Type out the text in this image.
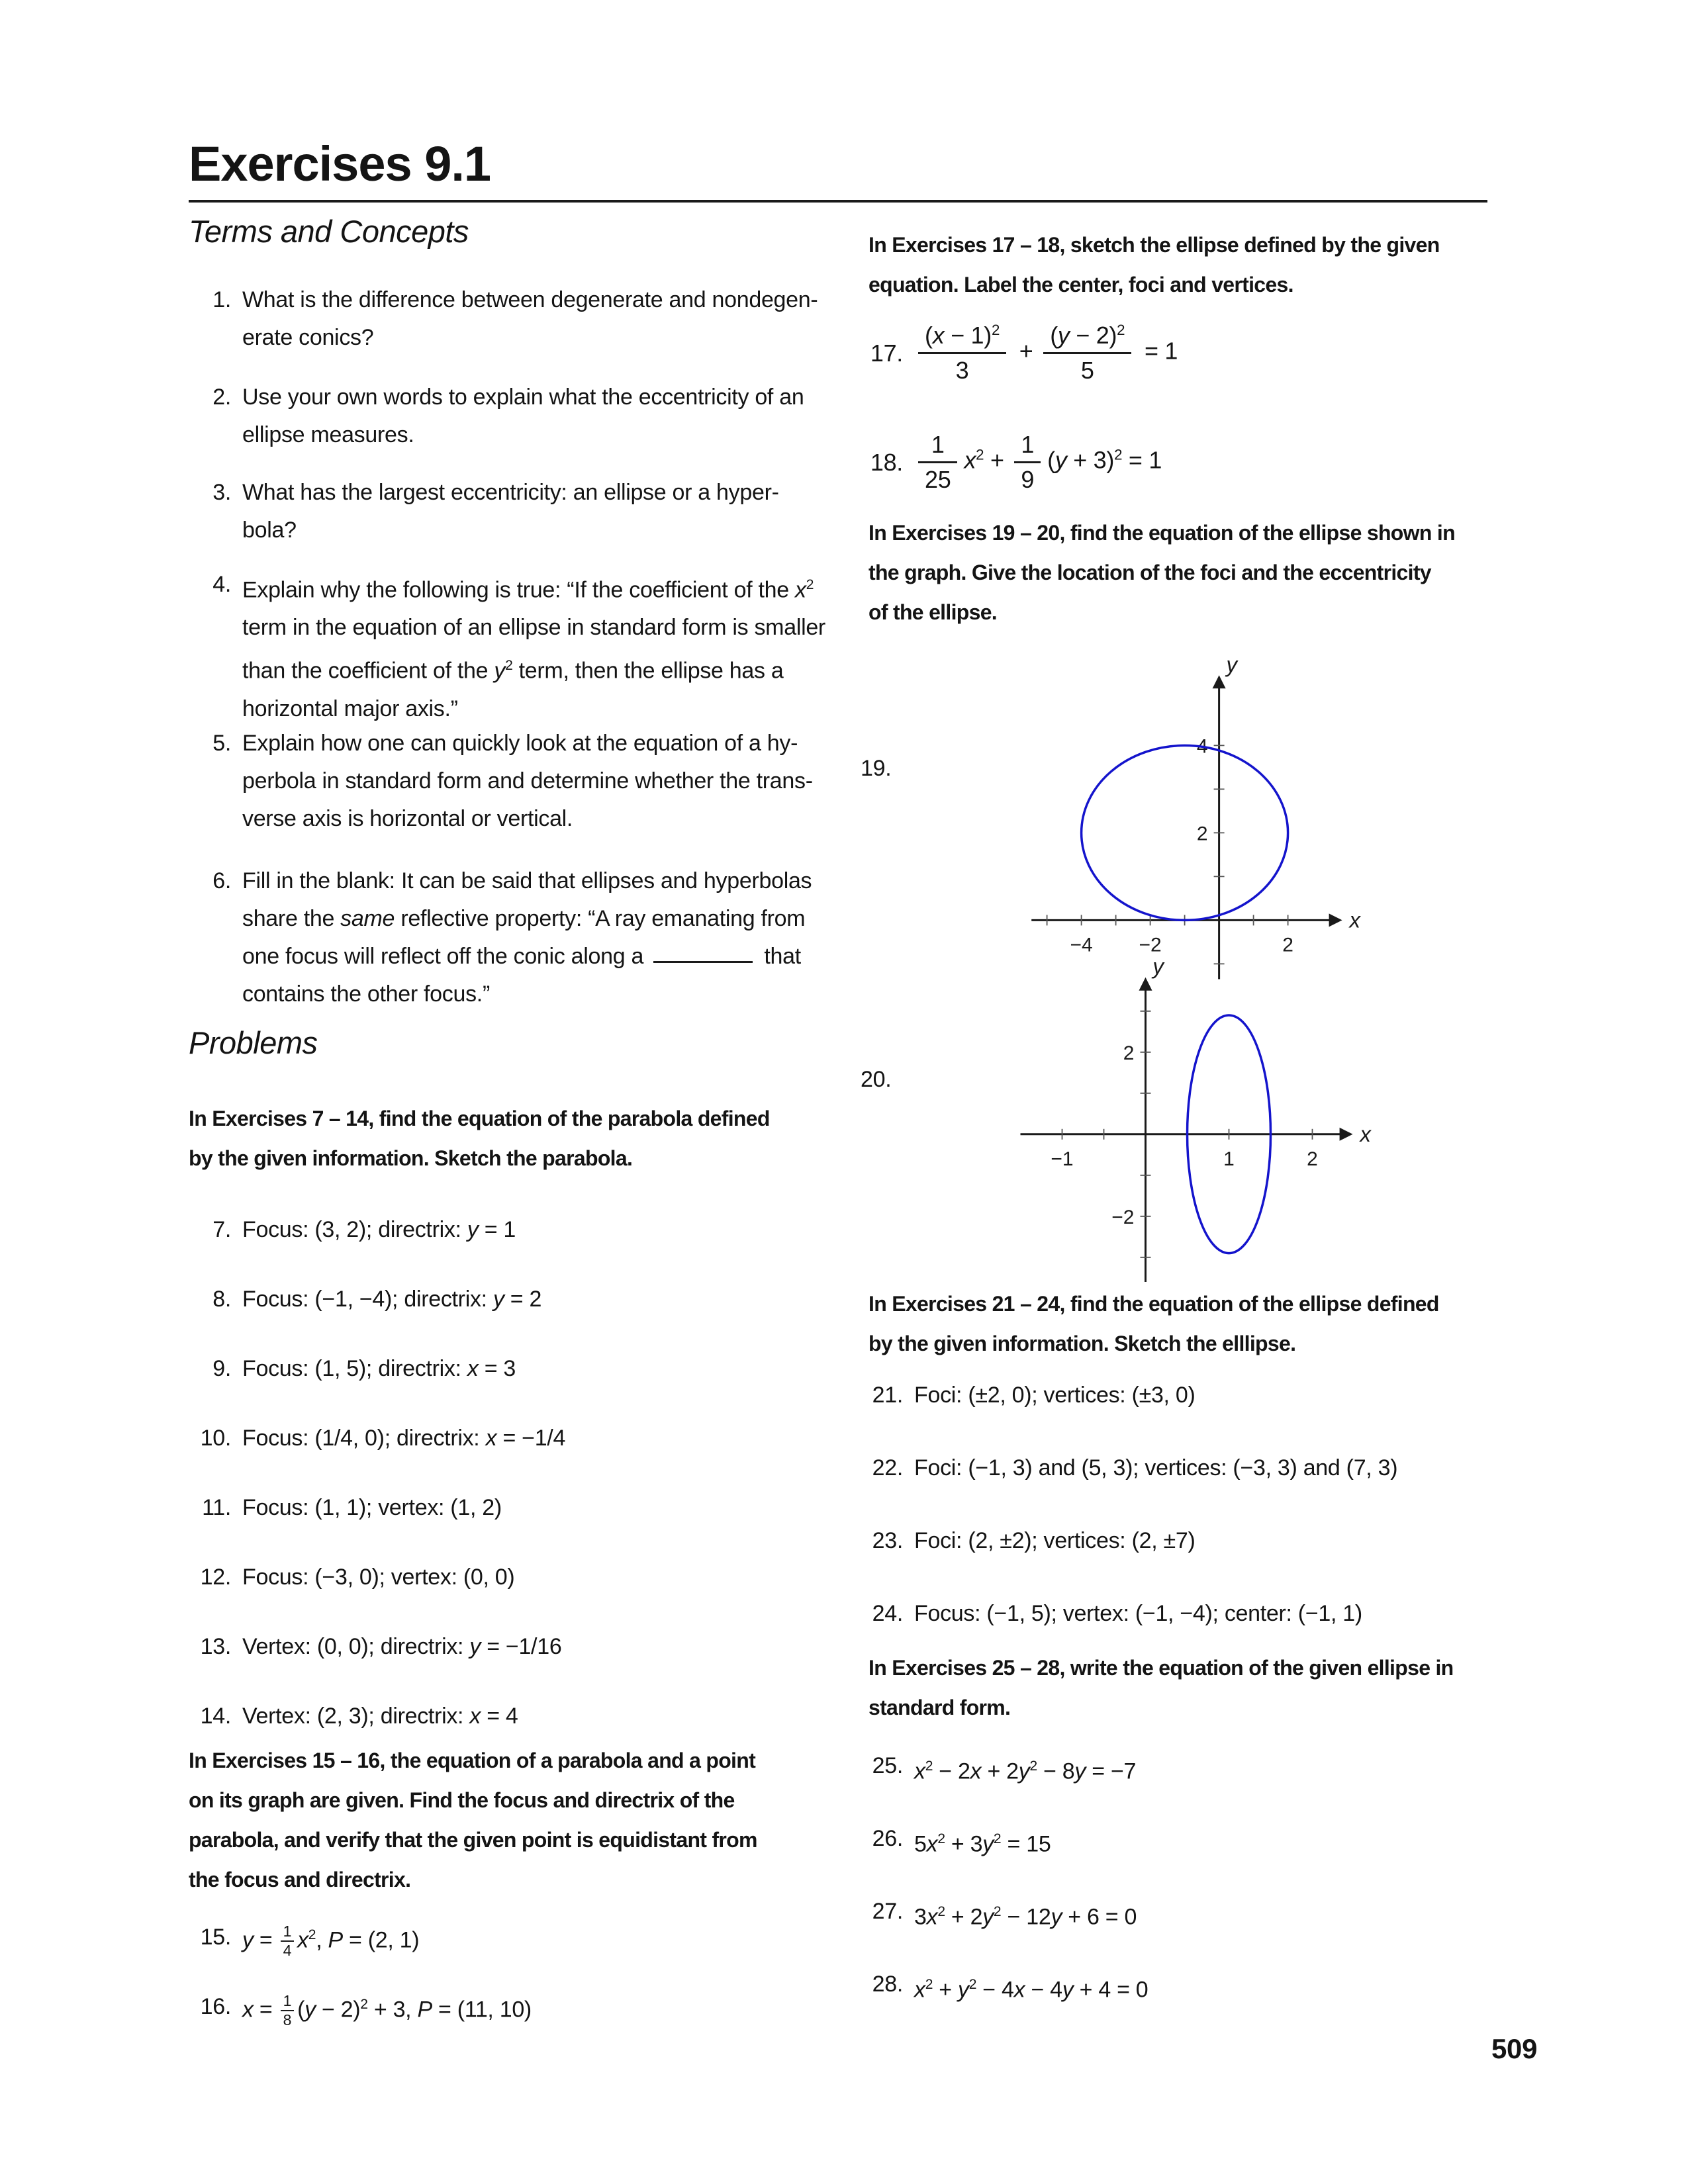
Exercises 9.1
Terms and Concepts
1. What is the difference between degenerate and nondegen-
erate conics?
2. Use your own words to explain what the eccentricity of an
ellipse measures.
3. What has the largest eccentricity: an ellipse or a hyper-
bola?
4. Explain why the following is true: “If the coefficient of the $x^2$
term in the equation of an ellipse in standard form is smaller
than the coefficient of the $y^2$ term, then the ellipse has a
horizontal major axis.”
5. Explain how one can quickly look at the equation of a hy-
perbola in standard form and determine whether the trans-
verse axis is horizontal or vertical.
6. Fill in the blank: It can be said that ellipses and hyperbolas
share the same reflective property: “A ray emanating from
one focus will reflect off the conic along a	that
contains the other focus.”
Problems
In Exercises 7 – 14, find the equation of the parabola defined
by the given information. Sketch the parabola.
7. Focus: (3, 2); directrix: y = 1
8. Focus: (−1, −4); directrix: y = 2
9. Focus: (1, 5); directrix: x = 3
10. Focus: (1/4, 0); directrix: x = −1/4
11. Focus: (1, 1); vertex: (1, 2)
12. Focus: (−3, 0); vertex: (0, 0)
13. Vertex: (0, 0); directrix: y = −1/16
14. Vertex: (2, 3); directrix: x = 4
In Exercises 15 – 16, the equation of a parabola and a point
on its graph are given. Find the focus and directrix of the
parabola, and verify that the given point is equidistant from
the focus and directrix.
15. $y = \frac{1}{4} x^2$, P = (2, 1)
16. $x = \frac{1}{8} (y - 2)^2 + 3$, P = (11, 10)
In Exercises 17 – 18, sketch the ellipse defined by the given
equation. Label the center, foci and vertices.
17. $\frac{(x - 1)^2}{3} + \frac{(y - 2)^2}{5} = 1$
18. $\frac{1}{25} x^2 + \frac{1}{9} (y + 3)^2 = 1$
In Exercises 19 – 20, find the equation of the ellipse shown in
the graph. Give the location of the foci and the eccentricity
of the ellipse.
19.
−4 −2	2
2
4
x
y
20.
−1	1	2
2
−2
x
y
In Exercises 21 – 24, find the equation of the ellipse defined
by the given information. Sketch the elllipse.
21. Foci: (±2, 0); vertices: (±3, 0)
22. Foci: (−1, 3) and (5, 3); vertices: (−3, 3) and (7, 3)
23. Foci: (2, ±2); vertices: (2, ±7)
24. Focus: (−1, 5); vertex: (−1, −4); center: (−1, 1)
In Exercises 25 – 28, write the equation of the given ellipse in
standard form.
25. $x^2 - 2x + 2y^2 - 8y = -7$
26. $5x^2 + 3y^2 = 15$
27. $3x^2 + 2y^2 - 12y + 6 = 0$
28. $x^2 + y^2 - 4x - 4y + 4 = 0$
509
